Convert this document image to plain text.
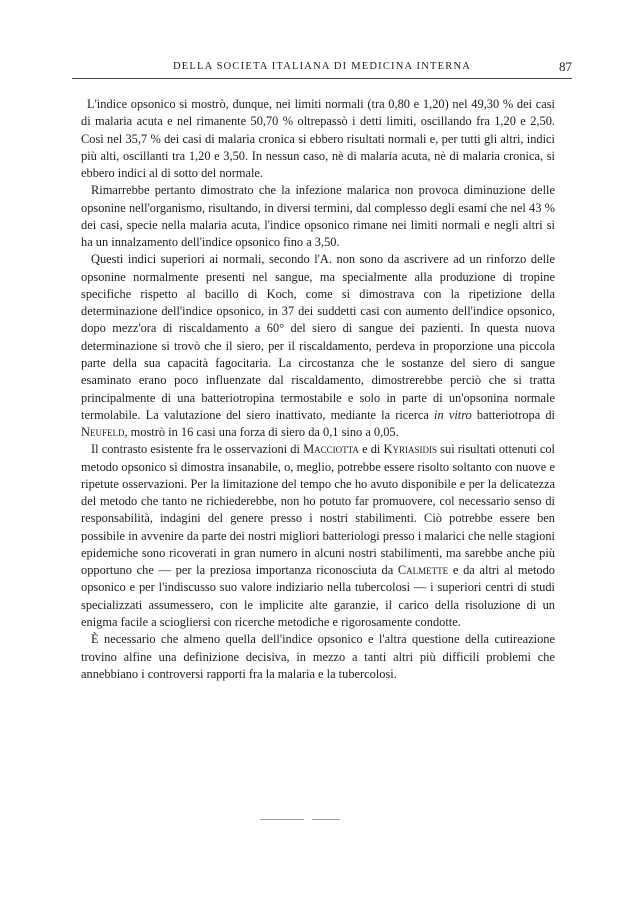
DELLA SOCIETA ITALIANA DI MEDICINA INTERNA	87

L'indice opsonico si mostrò, dunque, nei limiti normali (tra 0,80 e 1,20) nel 49,30 % dei casi di malaria acuta e nel rimanente 50,70 % oltrepassò i detti limiti, oscillando fra 1,20 e 2,50. Così nel 35,7 % dei casi di malaria cronica si ebbero risultati normali e, per tutti gli altri, indici più alti, oscillanti tra 1,20 e 3,50. In nessun caso, nè di malaria acuta, nè di malaria cronica, si ebbero indici al di sotto del normale.

Rimarrebbe pertanto dimostrato che la infezione malarica non provoca diminuzione delle opsonine nell'organismo, risultando, in diversi termini, dal complesso degli esami che nel 43 % dei casi, specie nella malaria acuta, l'indice opsonico rimane nei limiti normali e negli altri si ha un innalzamento dell'indice opsonico fino a 3,50.

Questi indici superiori ai normali, secondo l'A. non sono da ascrivere ad un rinforzo delle opsonine normalmente presenti nel sangue, ma specialmente alla produzione di tropine specifiche rispetto al bacillo di Koch, come si dimostrava con la ripetizione della determinazione dell'indice opsonico, in 37 dei suddetti casi con aumento dell'indice opsonico, dopo mezz'ora di riscaldamento a 60° del siero di sangue dei pazienti. In questa nuova determinazione si trovò che il siero, per il riscaldamento, perdeva in proporzione una piccola parte della sua capacità fagocitaria. La circostanza che le sostanze del siero di sangue esaminato erano poco influenzate dal riscaldamento, dimostrerebbe perciò che si tratta principalmente di una batteriotropina termostabile e solo in parte di un'opsonina normale termolabile. La valutazione del siero inattivato, mediante la ricerca in vitro batteriotropa di Neufeld, mostrò in 16 casi una forza di siero da 0,1 sino a 0,05.

Il contrasto esistente fra le osservazioni di Macciotta e di Kyriasidis sui risultati ottenuti col metodo opsonico si dimostra insanabile, o, meglio, potrebbe essere risolto soltanto con nuove e ripetute osservazioni. Per la limitazione del tempo che ho avuto disponibile e per la delicatezza del metodo che tanto ne richiederebbe, non ho potuto far promuovere, col necessario senso di responsabilità, indagini del genere presso i nostri stabilimenti. Ciò potrebbe essere ben possibile in avvenire da parte dei nostri migliori batteriologi presso i malarici che nelle stagioni epidemiche sono ricoverati in gran numero in alcuni nostri stabilimenti, ma sarebbe anche più opportuno che — per la preziosa importanza riconosciuta da Calmette e da altri al metodo opsonico e per l'indiscusso suo valore indiziario nella tubercolosi — i superiori centri di studi specializzati assumessero, con le implicite alte garanzie, il carico della risoluzione di un enigma facile a sciogliersi con ricerche metodiche e rigorosamente condotte.

È necessario che almeno quella dell'indice opsonico e l'altra questione della cutireazione trovino alfine una definizione decisiva, in mezzo a tanti altri più difficili problemi che annebbiano i controversi rapporti fra la malaria e la tubercolosi.
